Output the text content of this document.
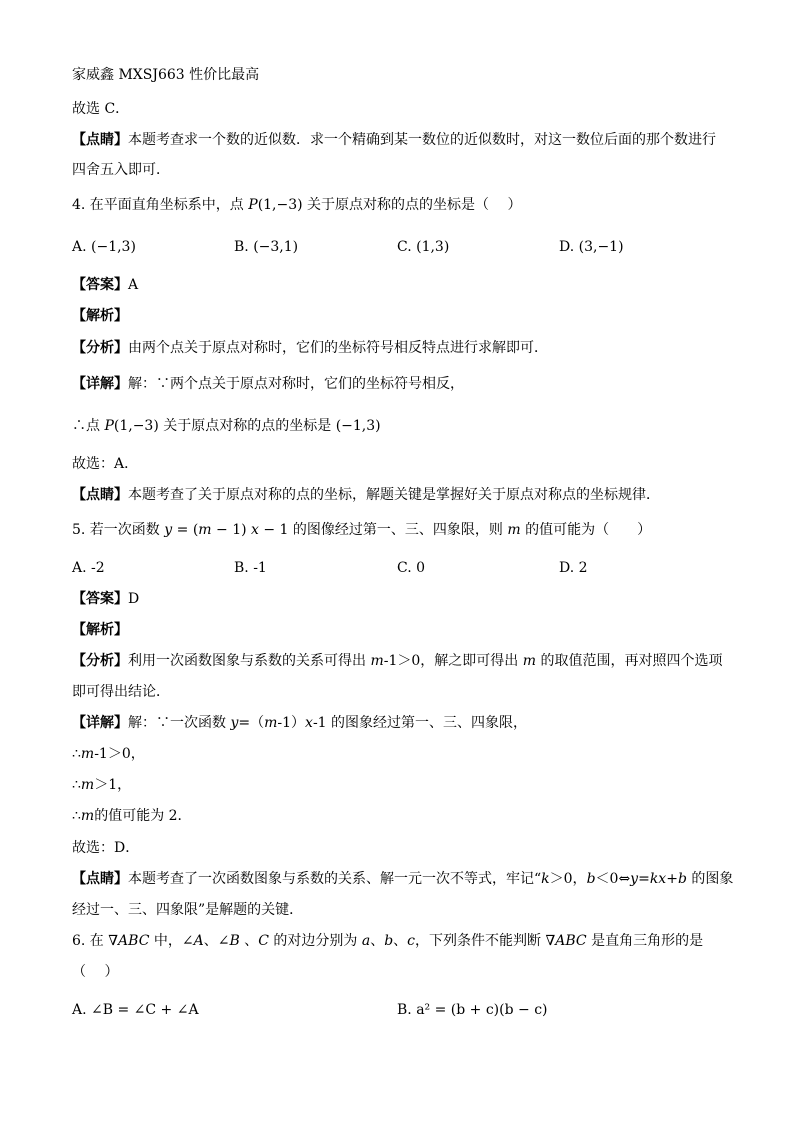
家威鑫 MXSJ663 性价比最高
故选 C．
【点睛】本题考查求一个数的近似数．求一个精确到某一数位的近似数时，对这一数位后面的那个数进行
四舍五入即可．
4. 在平面直角坐标系中，点 P(1,−3) 关于原点对称的点的坐标是（　 ）
【答案】A
【解析】
【分析】由两个点关于原点对称时，它们的坐标符号相反特点进行求解即可．
【详解】解：∵两个点关于原点对称时，它们的坐标符号相反，
∴点 P(1,−3) 关于原点对称的点的坐标是 (−1,3)
故选：A．
【点睛】本题考查了关于原点对称的点的坐标，解题关键是掌握好关于原点对称点的坐标规律．
5. 若一次函数 y = (m − 1) x − 1 的图像经过第一、三、四象限，则 m 的值可能为（　　）
【答案】D
【解析】
【分析】利用一次函数图象与系数的关系可得出 m-1＞0，解之即可得出 m 的取值范围，再对照四个选项
即可得出结论．
【详解】解：∵一次函数 y=（m-1）x-1 的图象经过第一、三、四象限，
∴m-1＞0，
∴m＞1，
∴m的值可能为 2．
故选：D．
【点睛】本题考查了一次函数图象与系数的关系、解一元一次不等式，牢记“k＞0，b＜0⇔y=kx+b 的图象
经过一、三、四象限”是解题的关键．
6. 在 ∇ABC 中，∠A、∠B 、C 的对边分别为 a、b、c，下列条件不能判断 ∇ABC 是直角三角形的是
（　 ）
A. (−1,3)	B. (−3,1)	C. (1,3)	D. (3,−1)
A. -2	B. -1	C. 0	D. 2
A. ∠B = ∠C + ∠A	B. a² = (b + c)(b − c)
